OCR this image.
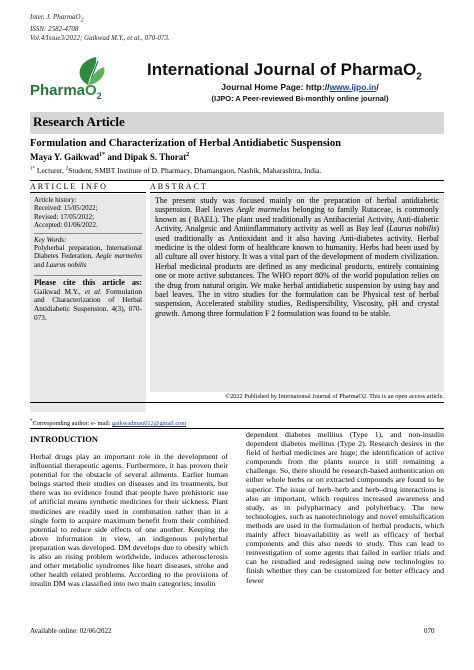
Inter. J. PharmaO$_2$
ISSN: 2582-4708
Vol.4/Issue3/2022; Gaikwad M.Y., et al., 070-073.
PharmaO$_2$
International Journal of PharmaO$_2$
Journal Home Page: http://www.ijpo.in/
(IJPO: A Peer-reviewed Bi-monthly online journal)
Research Article
Formulation and Characterization of Herbal Antidiabetic Suspension
Maya Y. Gaikwad$^{1*}$ and Dipak S. Thorat$^2$
$^{1*}$ Lecturer, $^2$Student, SMBT Institute of D. Pharmacy, Dhamangaon, Nashik, Maharashtra, India.
ARTICLE INFO	ABSTRACT
Article history:
Received: 15/05/2022;
Revised: 17/05/2022;
Accepted: 01/06/2022.
Key Words:
Polyherbal preparation, International Diabetes Federation, Aegle marmelos and Laurus nobilis
Please cite this article as: Gaikwad M.Y., et al. Formulation and Characterization of Herbal Antidiabetic Suspension. 4(3), 070-073.
The present study was focused mainly on the preparation of herbal antidiabetic suspension. Bael leaves Aegle marmelos belonging to family Rutaceae, is commonly known as ( BAEL). The plant used traditionally as Antibacterial Activity, Anti-diabetic Activity, Analgesic and Antiinflammatory activity as well as Bay leaf (Laurus nobilis) used traditionally as Antioxidant and it also having Anti-diabetes activity. Herbal medicine is the oldest form of healthcare known to humanity. Herbs had been used by all culture all over history. It was a vital part of the development of modern civilization. Herbal medicinal products are defined as any medicinal products, entirely containing one or more active substances. The WHO report 80% of the world population relies on the drug from natural origin. We make herbal antidiabetic suspension by using bay and bael leaves. The in vitro studies for the formulation can be Physical test of herbal suspension, Accelerated stability studies, Redispersibility, Viscosity, pH and crystal growth. Among three formulation F 2 formulation was found to be stable.
©2022 Published by International Journal of PharmaO2. This is an open access article.
*Corresponding author: e- mail: gaikwadmau012@gmail.com
INTRODUCTION
Herbal drugs play an important role in the development of influential therapeutic agents. Furthermore, it has proven their potential for the obstacle of several ailments. Earlier human beings started their studies on diseases and its treatments, but there was no evidence found that people have prehistoric use of artificial means synthetic medicines for their sickness. Plant medicines are readily used in combination rather than in a single form to acquire maximum benefit from their combined potential to reduce side effects of one another. Keeping the above information in view, an indigenous polyherbal preparation was developed. DM develops due to obesity which is also an rising problem worldwide, induces atherosclerosis and other metabolic syndromes like heart diseases, stroke and other health related problems. According to the provisions of insulin DM was classified into two main categories; insulin
dependent diabetes mellitus (Type 1), and non-insulin dependent diabetes mellitus (Type 2). Research desires in the field of herbal medicines are huge; the identification of active compounds from the plants source is still remaining a challenge. So, there should be research-based authentication on either whole herbs or on extracted compounds are found to be superior. The issue of herb–herb and herb–drug interactions is also an important, which requires increased awareness and study, as in polypharmacy and polyherbacy. The new technologies, such as nanotechnology and novel emulsification methods are used in the formulation of herbal products, which mainly affect bioavailability as well as efficacy of herbal components and this also needs to study. This can lead to reinvestigation of some agents that failed in earlier trials and can be restudied and redesigned using new technologies to finish whether they can be customized for better efficacy and fewer
Available online: 02/06/2022	070
